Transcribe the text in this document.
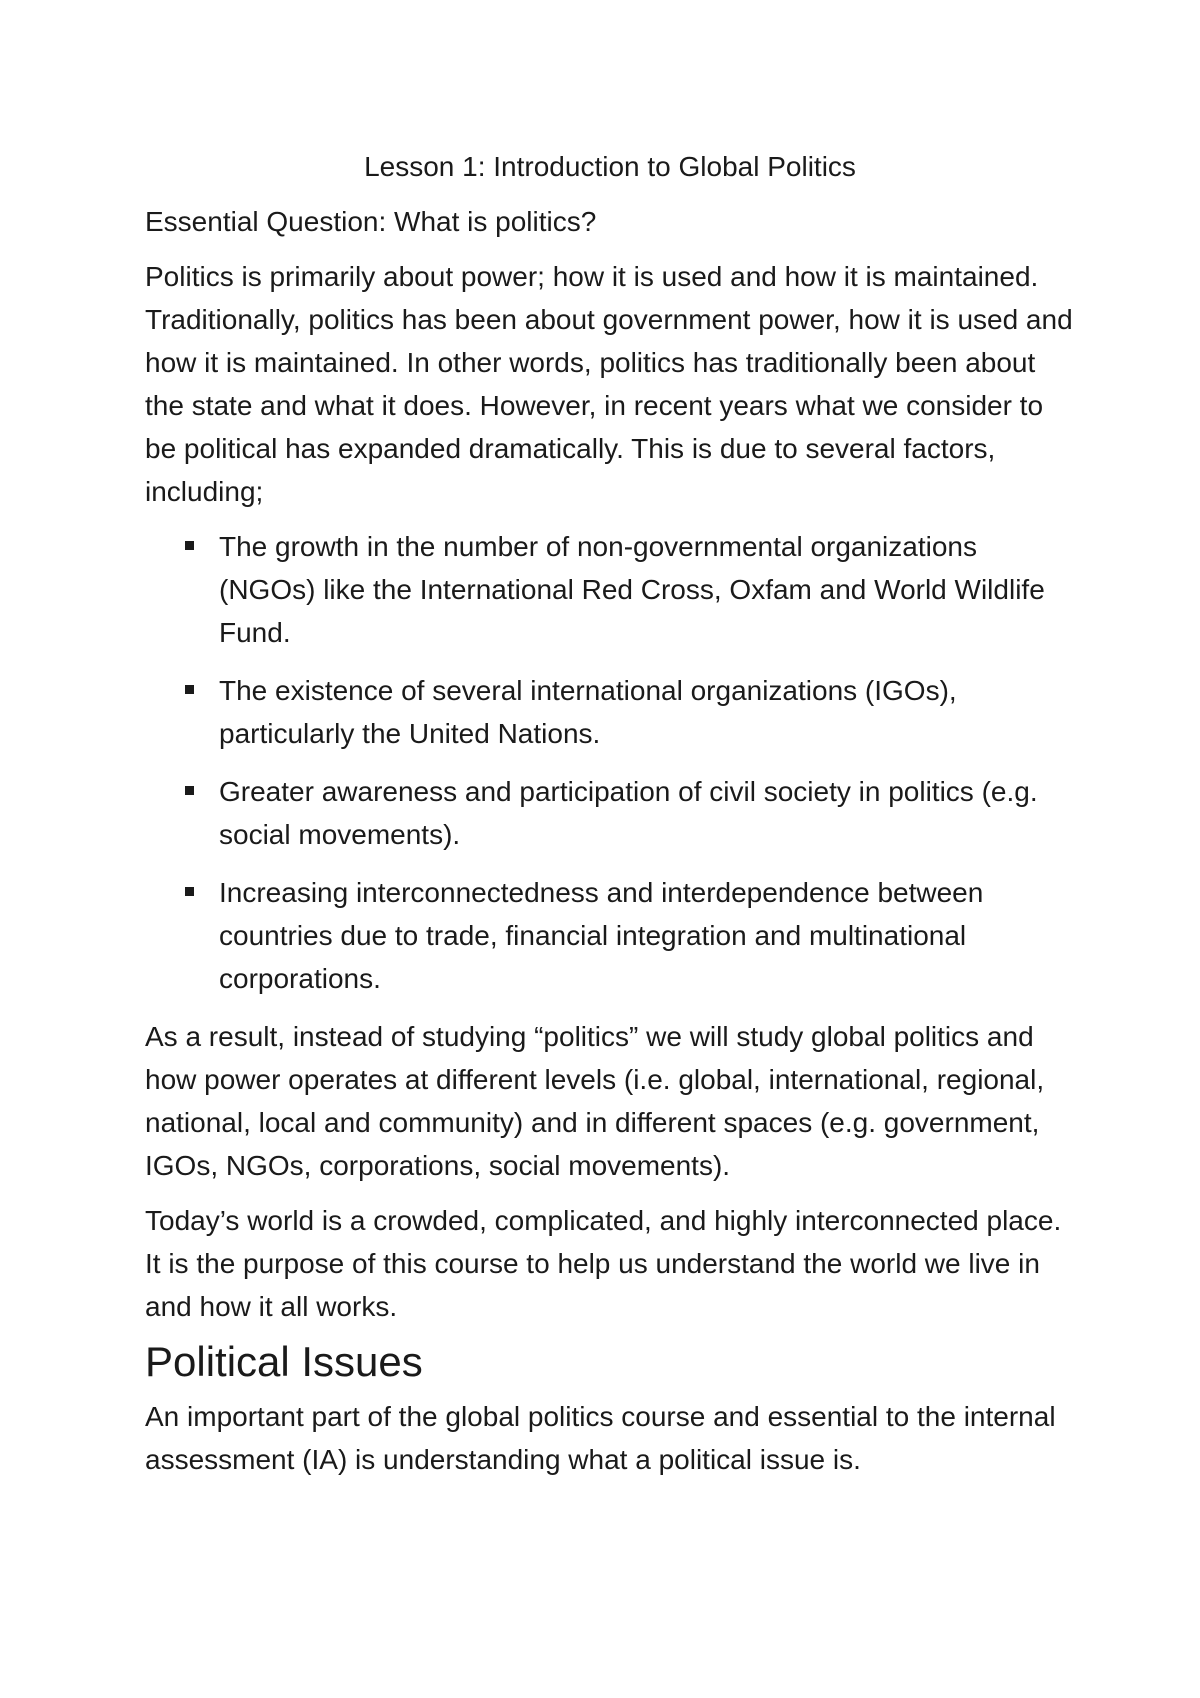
Lesson 1: Introduction to Global Politics

Essential Question: What is politics?

Politics is primarily about power; how it is used and how it is maintained. Traditionally, politics has been about government power, how it is used and how it is maintained. In other words, politics has traditionally been about the state and what it does. However, in recent years what we consider to be political has expanded dramatically. This is due to several factors, including;

The growth in the number of non-governmental organizations (NGOs) like the International Red Cross, Oxfam and World Wildlife Fund.
The existence of several international organizations (IGOs), particularly the United Nations.
Greater awareness and participation of civil society in politics (e.g. social movements).
Increasing interconnectedness and interdependence between countries due to trade, financial integration and multinational corporations.

As a result, instead of studying “politics” we will study global politics and how power operates at different levels (i.e. global, international, regional, national, local and community) and in different spaces (e.g. government, IGOs, NGOs, corporations, social movements).

Today’s world is a crowded, complicated, and highly interconnected place. It is the purpose of this course to help us understand the world we live in and how it all works.

Political Issues

An important part of the global politics course and essential to the internal assessment (IA) is understanding what a political issue is.
